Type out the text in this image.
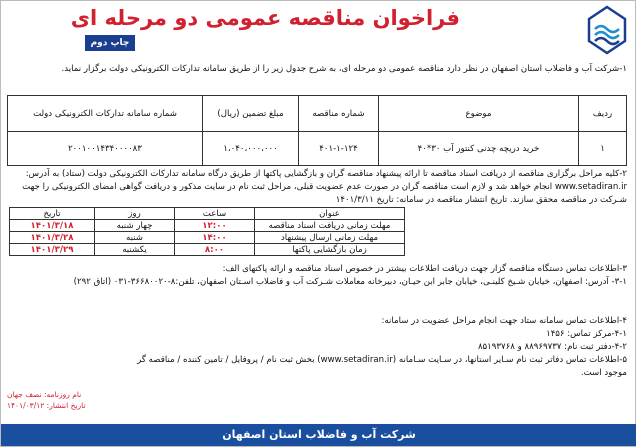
فراخوان مناقصه عمومی دو مرحله ای
چاپ دوم
۱-شرکت آب و فاضلاب استان اصفهان در نظر دارد مناقصه عمومی دو مرحله ای، به شرح جدول زیر را از طریق سامانه تدارکات الکترونیکی دولت برگزار نماید.
ردیف	موضوع	شماره مناقصه	مبلغ تضمین (ریال)	شماره سامانه تدارکات الکترونیکی دولت
۱	خرید دریچه چدنی کنتور آب ۳۰*۴۰	۴۰۱-۱-۱۲۴	۱،۰۴۰،۰۰۰،۰۰۰	۲۰۰۱۰۰۱۴۳۴۰۰۰۰۸۳
۲-کلیه مراحل برگزاری مناقصه از دریافت اسناد مناقصه تا ارائه پیشنهاد مناقصه گران و بازگشایی پاکتها از طریق درگاه سامانه تدارکات الکترونیکی دولت (ستاد) به آدرس: www.setadiran.ir انجام خواهد شد و لازم است مناقصه گران در صورت عدم عضویت قبلی، مراحل ثبت نام در سایت مذکور و دریافت گواهی امضای الکترونیکی را جهت شـرکت در مناقصه محقق سازند. تاریخ انتشار مناقصه در سامانه: تاریخ ۱۴۰۱/۳/۱۱
عنوان	ساعت	روز	تاریخ
مهلت زمانی دریافت اسناد مناقصه	۱۲:۰۰	چهار شنبه	۱۴۰۱/۳/۱۸
مهلت زمانی ارسال پیشنهاد	۱۴:۰۰	شنبه	۱۴۰۱/۳/۲۸
زمان بازگشایی پاکتها	۸:۰۰	یکشنبه	۱۴۰۱/۳/۲۹
۳-اطلاعات تماس دستگاه مناقصه گزار جهت دریافت اطلاعات بیشتر در خصوص اسناد مناقصه و ارائه پاکتهای الف:
۳-۱- آدرس: اصفهان، خیابان شـیخ کلینـی، خیابان جابر ابن حیـان، دبیرخانه معاملات شـرکت آب و فاضلاب اسـتان اصفهان، تلفن:۸-۳۶۶۸۰۰۲۰-۰۳۱ (اتاق ۲۹۲)
۴-اطلاعات تماس سامانه ستاد جهت انجام مراحل عضویت در سامانه:
۴-۱-مرکز تماس: ۱۴۵۶
۴-۲-دفتر ثبت نام: ۸۸۹۶۹۷۳۷ و ۸۵۱۹۳۷۶۸
۵-اطلاعات تماس دفاتر ثبت نام سـایر استانها، در سـایت سـامانه (www.setadiran.ir) بخش ثبت نام / پروفایل / تامین کننده / مناقصه گر موجود است.
نام روزنامه: نصف جهان
تاریخ انتشار: ۱۴۰۱/۰۳/۱۲
شرکت آب و فاضلاب استان اصفهان
